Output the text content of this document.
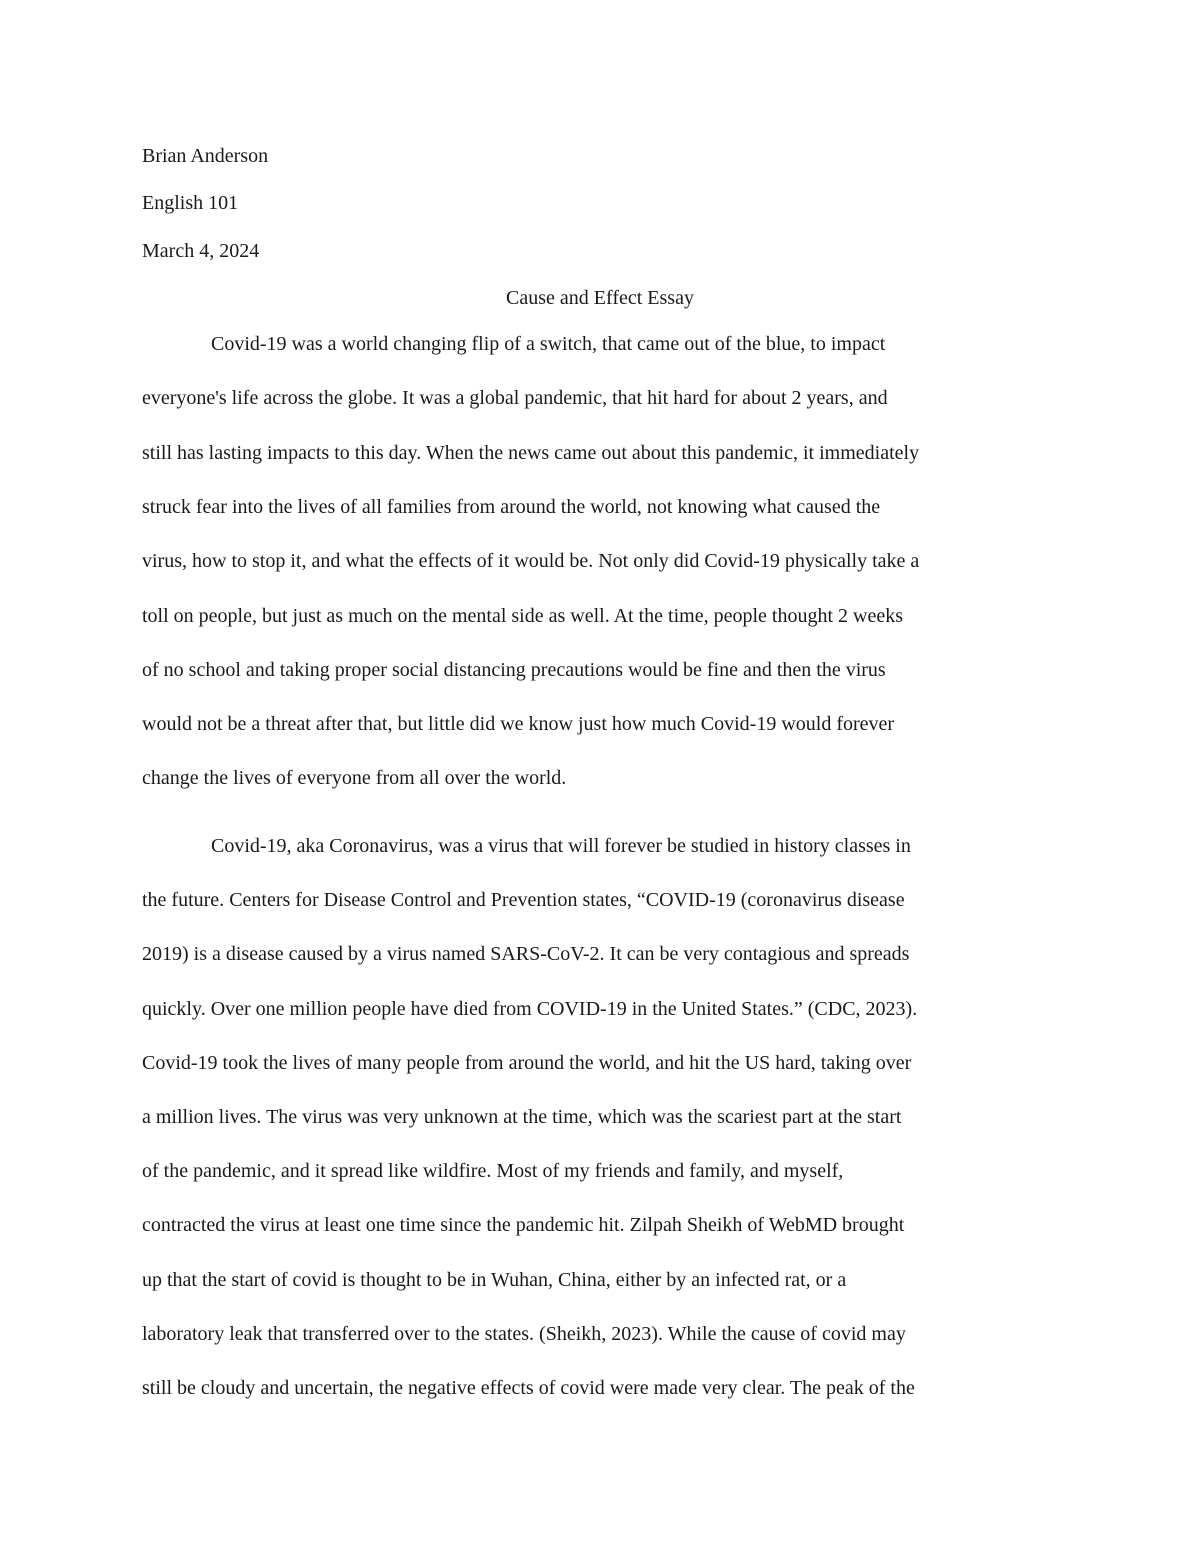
Brian Anderson
English 101
March 4, 2024
Cause and Effect Essay
Covid-19 was a world changing flip of a switch, that came out of the blue, to impact
everyone's life across the globe. It was a global pandemic, that hit hard for about 2 years, and
still has lasting impacts to this day. When the news came out about this pandemic, it immediately
struck fear into the lives of all families from around the world, not knowing what caused the
virus, how to stop it, and what the effects of it would be. Not only did Covid-19 physically take a
toll on people, but just as much on the mental side as well. At the time, people thought 2 weeks
of no school and taking proper social distancing precautions would be fine and then the virus
would not be a threat after that, but little did we know just how much Covid-19 would forever
change the lives of everyone from all over the world.
Covid-19, aka Coronavirus, was a virus that will forever be studied in history classes in
the future. Centers for Disease Control and Prevention states, “COVID-19 (coronavirus disease
2019) is a disease caused by a virus named SARS-CoV-2. It can be very contagious and spreads
quickly. Over one million people have died from COVID-19 in the United States.” (CDC, 2023).
Covid-19 took the lives of many people from around the world, and hit the US hard, taking over
a million lives. The virus was very unknown at the time, which was the scariest part at the start
of the pandemic, and it spread like wildfire. Most of my friends and family, and myself,
contracted the virus at least one time since the pandemic hit. Zilpah Sheikh of WebMD brought
up that the start of covid is thought to be in Wuhan, China, either by an infected rat, or a
laboratory leak that transferred over to the states. (Sheikh, 2023). While the cause of covid may
still be cloudy and uncertain, the negative effects of covid were made very clear. The peak of the
